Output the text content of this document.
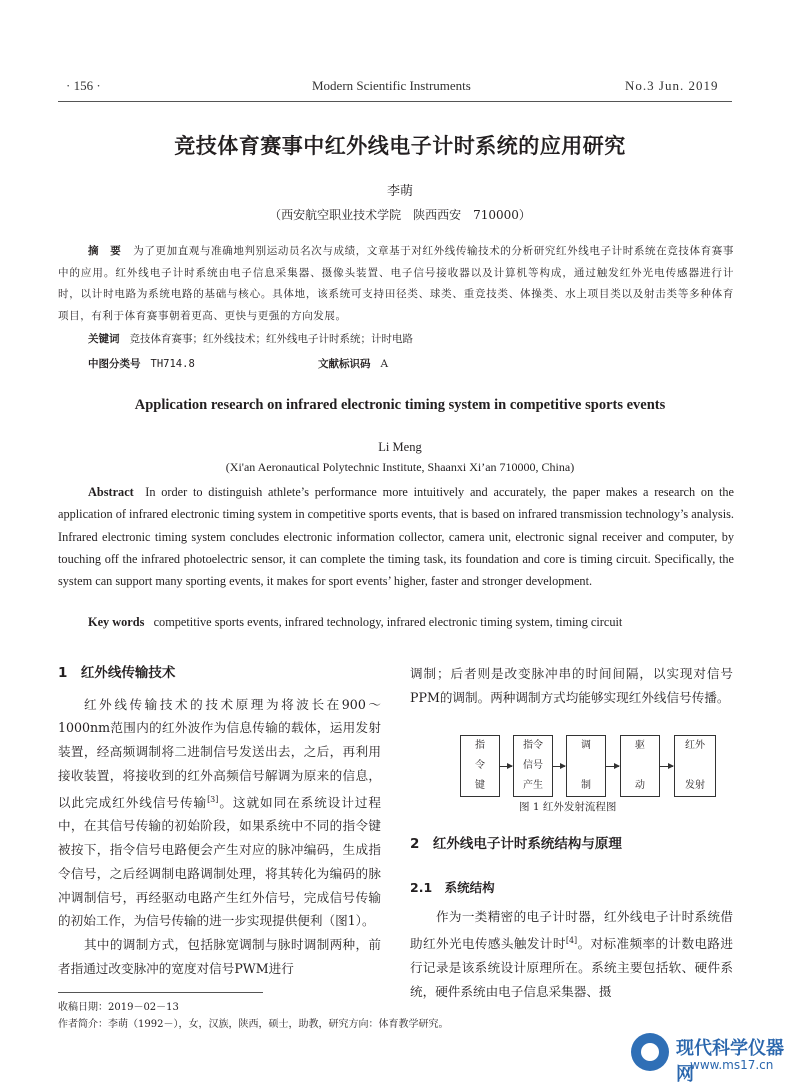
· 156 ·	Modern Scientific Instruments	No.3 Jun. 2019
竞技体育赛事中红外线电子计时系统的应用研究
李萌
（西安航空职业技术学院　陕西西安　710000）
摘　要 为了更加直观与准确地判别运动员名次与成绩，文章基于对红外线传输技术的分析研究红外线电子计时系统在竞技体育赛事中的应用。红外线电子计时系统由电子信息采集器、摄像头装置、电子信号接收器以及计算机等构成，通过触发红外光电传感器进行计时，以计时电路为系统电路的基础与核心。具体地，该系统可支持田径类、球类、重竞技类、体操类、水上项目类以及射击类等多种体育项目，有利于体育赛事朝着更高、更快与更强的方向发展。
关键词 竞技体育赛事；红外线技术；红外线电子计时系统；计时电路
中图分类号 TH714.8	文献标识码 A
Application research on infrared electronic timing system in competitive sports events
Li Meng
(Xi'an Aeronautical Polytechnic Institute, Shaanxi Xi’an 710000, China)
Abstract In order to distinguish athlete’s performance more intuitively and accurately, the paper makes a research on the application of infrared electronic timing system in competitive sports events, that is based on infrared transmission technology’s analysis. Infrared electronic timing system concludes electronic information collector, camera unit, electronic signal receiver and computer, by touching off the infrared photoelectric sensor, it can complete the timing task, its foundation and core is timing circuit. Specifically, the system can support many sporting events, it makes for sport events’ higher, faster and stronger development.
Key words competitive sports events, infrared technology, infrared electronic timing system, timing circuit
1　红外线传输技术

红外线传输技术的技术原理为将波长在900～1000nm范围内的红外波作为信息传输的载体，运用发射装置，经高频调制将二进制信号发送出去，之后，再利用接收装置，将接收到的红外高频信号解调为原来的信息，以此完成红外线信号传输[3]。这就如同在系统设计过程中，在其信号传输的初始阶段，如果系统中不同的指令键被按下，指令信号电路便会产生对应的脉冲编码，生成指令信号，之后经调制电路调制处理，将其转化为编码的脉冲调制信号，再经驱动电路产生红外信号，完成信号传输的初始工作，为信号传输的进一步实现提供便利（图1）。

其中的调制方式，包括脉宽调制与脉时调制两种，前者指通过改变脉冲的宽度对信号PWM进行

调制；后者则是改变脉冲串的时间间隔，以实现对信号PPM的调制。两种调制方式均能够实现红外线信号传播。

指
令
键
指令
信号
产生
调

制
驱

动
红外

发射
图 1 红外发射流程图
2　红外线电子计时系统结构与原理
2.1　系统结构

作为一类精密的电子计时器，红外线电子计时系统借助红外光电传感头触发计时[4]。对标准频率的计数电路进行记录是该系统设计原理所在。系统主要包括软、硬件系统，硬件系统由电子信息采集器、摄

收稿日期：2019－02－13
作者简介：李萌（1992－），女，汉族，陕西，硕士，助教，研究方向：体育教学研究。
现代科学仪器网
www.ms17.cn
